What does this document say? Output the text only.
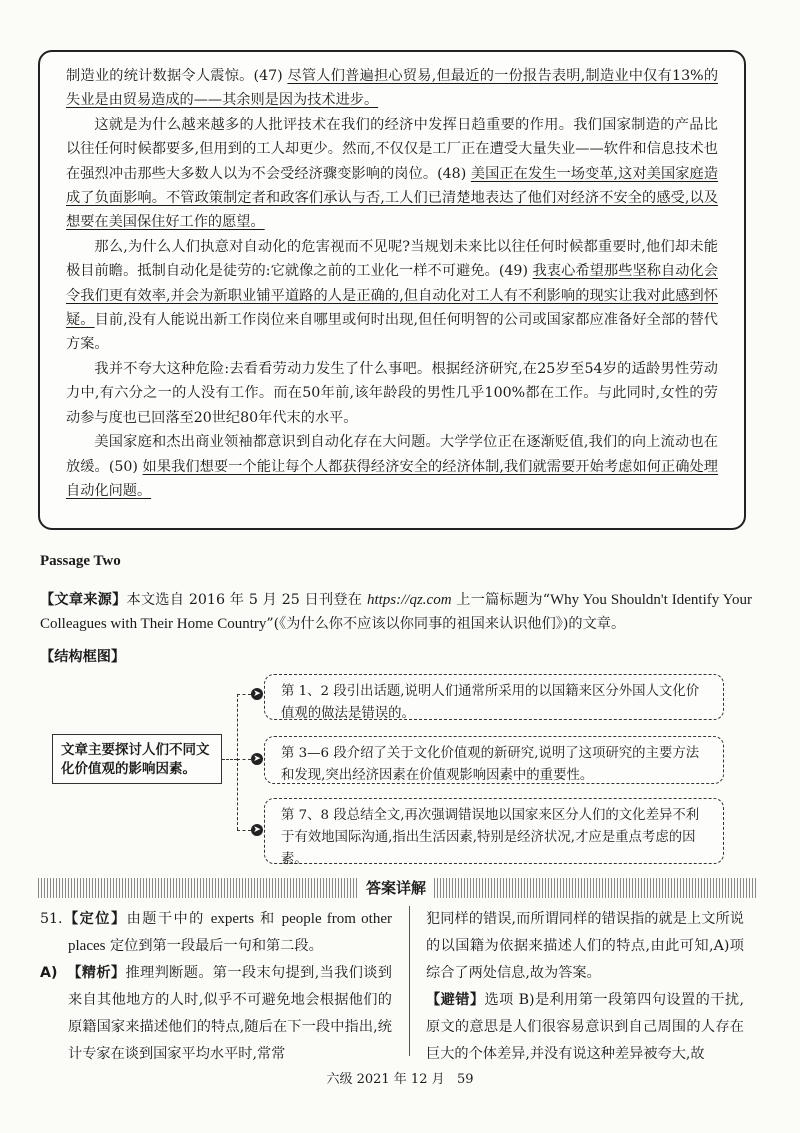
制造业的统计数据令人震惊。(47) 尽管人们普遍担心贸易,但最近的一份报告表明,制造业中仅有13%的失业是由贸易造成的——其余则是因为技术进步。

这就是为什么越来越多的人批评技术在我们的经济中发挥日趋重要的作用。我们国家制造的产品比以往任何时候都要多,但用到的工人却更少。然而,不仅仅是工厂正在遭受大量失业——软件和信息技术也在强烈冲击那些大多数人以为不会受经济骤变影响的岗位。(48) 美国正在发生一场变革,这对美国家庭造成了负面影响。不管政策制定者和政客们承认与否,工人们已清楚地表达了他们对经济不安全的感受,以及想要在美国保住好工作的愿望。

那么,为什么人们执意对自动化的危害视而不见呢?当规划未来比以往任何时候都重要时,他们却未能极目前瞻。抵制自动化是徒劳的:它就像之前的工业化一样不可避免。(49) 我衷心希望那些坚称自动化会令我们更有效率,并会为新职业铺平道路的人是正确的,但自动化对工人有不利影响的现实让我对此感到怀疑。目前,没有人能说出新工作岗位来自哪里或何时出现,但任何明智的公司或国家都应准备好全部的替代方案。

我并不夸大这种危险:去看看劳动力发生了什么事吧。根据经济研究,在25岁至54岁的适龄男性劳动力中,有六分之一的人没有工作。而在50年前,该年龄段的男性几乎100%都在工作。与此同时,女性的劳动参与度也已回落至20世纪80年代末的水平。

美国家庭和杰出商业领袖都意识到自动化存在大问题。大学学位正在逐渐贬值,我们的向上流动也在放缓。(50) 如果我们想要一个能让每个人都获得经济安全的经济体制,我们就需要开始考虑如何正确处理自动化问题。

Passage Two

【文章来源】本文选自 2016 年 5 月 25 日刊登在 https://qz.com 上一篇标题为“Why You Shouldn't Identify Your Colleagues with Their Home Country”(《为什么你不应该以你同事的祖国来认识他们》)的文章。

【结构框图】
文章主要探讨人们不同文化价值观的影响因素。
➤
➤
➤
第 1、2 段引出话题,说明人们通常所采用的以国籍来区分外国人文化价值观的做法是错误的。
第 3—6 段介绍了关于文化价值观的新研究,说明了这项研究的主要方法和发现,突出经济因素在价值观影响因素中的重要性。
第 7、8 段总结全文,再次强调错误地以国家来区分人们的文化差异不利于有效地国际沟通,指出生活因素,特别是经济状况,才应是重点考虑的因素。
答案详解

51.【定位】由题干中的 experts 和 people from other places 定位到第一段最后一句和第二段。

A) 【精析】推理判断题。第一段末句提到,当我们谈到来自其他地方的人时,似乎不可避免地会根据他们的原籍国家来描述他们的特点,随后在下一段中指出,统计专家在谈到国家平均水平时,常常

犯同样的错误,而所谓同样的错误指的就是上文所说的以国籍为依据来描述人们的特点,由此可知,A)项综合了两处信息,故为答案。

【避错】选项 B)是利用第一段第四句设置的干扰,原文的意思是人们很容易意识到自己周围的人存在巨大的个体差异,并没有说这种差异被夸大,故

六级 2021 年 12 月 59
